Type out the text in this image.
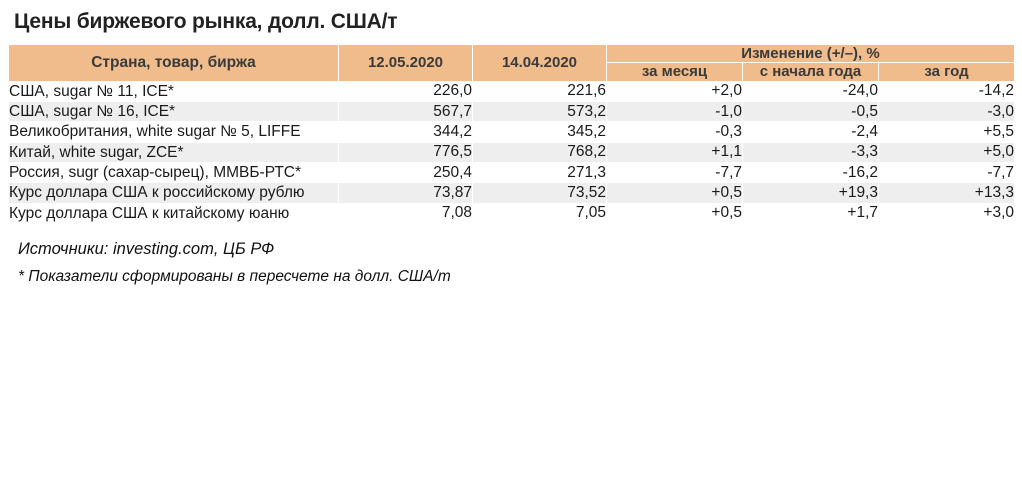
Цены биржевого рынка, долл. США/т
Страна, товар, биржа	12.05.2020	14.04.2020	Изменение (+/–), %		
			за месяц	с начала года	за год
США, sugar № 11, ICE*	226,0	221,6	+2,0	-24,0	-14,2
США, sugar № 16, ICE*	567,7	573,2	-1,0	-0,5	-3,0
Великобритания, white sugar № 5, LIFFE	344,2	345,2	-0,3	-2,4	+5,5
Китай, white sugar, ZCE*	776,5	768,2	+1,1	-3,3	+5,0
Россия, sugr (сахар-сырец), ММВБ-РТС*	250,4	271,3	-7,7	-16,2	-7,7
Курс доллара США к российскому рублю	73,87	73,52	+0,5	+19,3	+13,3
Курс доллара США к китайскому юаню	7,08	7,05	+0,5	+1,7	+3,0
Источники: investing.com, ЦБ РФ
* Показатели сформированы в пересчете на долл. США/т
